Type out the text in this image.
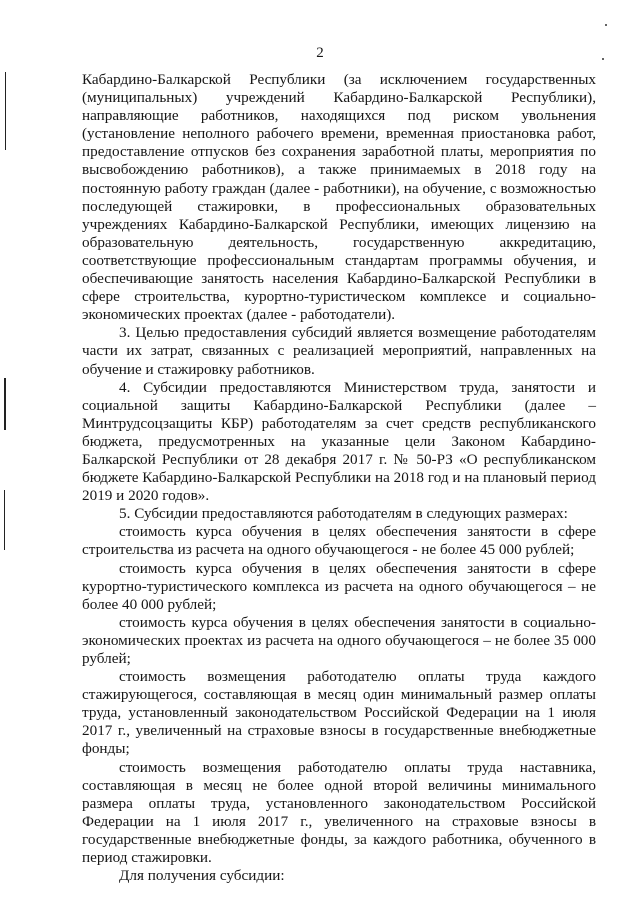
2

Кабардино-Балкарской Республики (за исключением государственных (муниципальных) учреждений Кабардино-Балкарской Республики), направляющие работников, находящихся под риском увольнения (установление неполного рабочего времени, временная приостановка работ, предоставление отпусков без сохранения заработной платы, мероприятия по высвобождению работников), а также принимаемых в 2018 году на постоянную работу граждан (далее - работники), на обучение, с возможностью последующей стажировки, в профессиональных образовательных учреждениях Кабардино-Балкарской Республики, имеющих лицензию на образовательную деятельность, государственную аккредитацию, соответствующие профессиональным стандартам программы обучения, и обеспечивающие занятость населения Кабардино-Балкарской Республики в сфере строительства, курортно-туристическом комплексе и социально-экономических проектах (далее - работодатели).

3. Целью предоставления субсидий является возмещение работодателям части их затрат, связанных с реализацией мероприятий, направленных на обучение и стажировку работников.

4. Субсидии предоставляются Министерством труда, занятости и социальной защиты Кабардино-Балкарской Республики (далее – Минтрудсоцзащиты КБР) работодателям за счет средств республиканского бюджета, предусмотренных на указанные цели Законом Кабардино-Балкарской Республики от 28 декабря 2017 г. № 50-РЗ «О республиканском бюджете Кабардино-Балкарской Республики на 2018 год и на плановый период 2019 и 2020 годов».

5. Субсидии предоставляются работодателям в следующих размерах:

стоимость курса обучения в целях обеспечения занятости в сфере строительства из расчета на одного обучающегося - не более 45 000 рублей;

стоимость курса обучения в целях обеспечения занятости в сфере курортно-туристического комплекса из расчета на одного обучающегося – не более 40 000 рублей;

стоимость курса обучения в целях обеспечения занятости в социально-экономических проектах из расчета на одного обучающегося – не более 35 000 рублей;

стоимость возмещения работодателю оплаты труда каждого стажирующегося, составляющая в месяц один минимальный размер оплаты труда, установленный законодательством Российской Федерации на 1 июля 2017 г., увеличенный на страховые взносы в государственные внебюджетные фонды;

стоимость возмещения работодателю оплаты труда наставника, составляющая в месяц не более одной второй величины минимального размера оплаты труда, установленного законодательством Российской Федерации на 1 июля 2017 г., увеличенного на страховые взносы в государственные внебюджетные фонды, за каждого работника, обученного в период стажировки.

Для получения субсидии:
